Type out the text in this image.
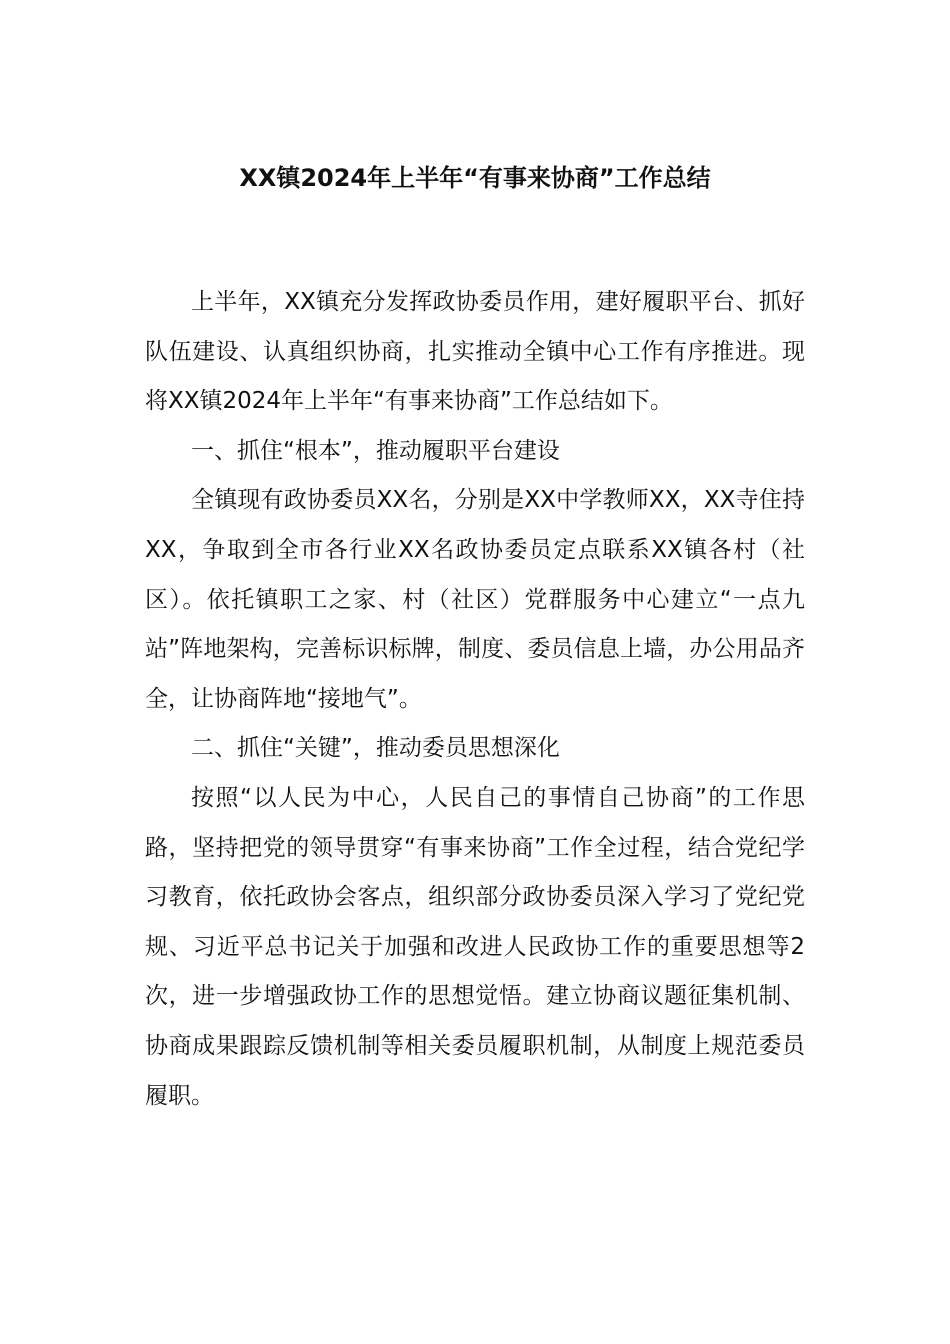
XX镇2024年上半年“有事来协商”工作总结

上半年，XX镇充分发挥政协委员作用，建好履职平台、抓好队伍建设、认真组织协商，扎实推动全镇中心工作有序推进。现将XX镇2024年上半年“有事来协商”工作总结如下。

一、抓住“根本”，推动履职平台建设

全镇现有政协委员XX名，分别是XX中学教师XX，XX寺住持XX，争取到全市各行业XX名政协委员定点联系XX镇各村（社区）。依托镇职工之家、村（社区）党群服务中心建立“一点九站”阵地架构，完善标识标牌，制度、委员信息上墙，办公用品齐全，让协商阵地“接地气”。

二、抓住“关键”，推动委员思想深化

按照“以人民为中心，人民自己的事情自己协商”的工作思路，坚持把党的领导贯穿“有事来协商”工作全过程，结合党纪学习教育，依托政协会客点，组织部分政协委员深入学习了党纪党规、习近平总书记关于加强和改进人民政协工作的重要思想等2次，进一步增强政协工作的思想觉悟。建立协商议题征集机制、协商成果跟踪反馈机制等相关委员履职机制，从制度上规范委员履职。
